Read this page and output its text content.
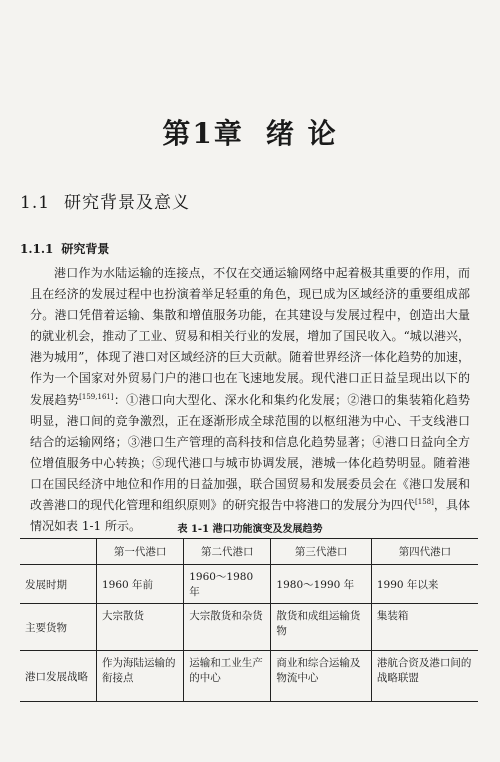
第1章 绪 论
1.1 研究背景及意义
1.1.1 研究背景

港口作为水陆运输的连接点，不仅在交通运输网络中起着极其重要的作用，而且在经济的发展过程中也扮演着举足轻重的角色，现已成为区域经济的重要组成部分。港口凭借着运输、集散和增值服务功能，在其建设与发展过程中，创造出大量的就业机会，推动了工业、贸易和相关行业的发展，增加了国民收入。“城以港兴，港为城用”，体现了港口对区域经济的巨大贡献。随着世界经济一体化趋势的加速，作为一个国家对外贸易门户的港口也在飞速地发展。现代港口正日益呈现出以下的发展趋势[159,161]：①港口向大型化、深水化和集约化发展；②港口的集装箱化趋势明显，港口间的竞争激烈，正在逐渐形成全球范围的以枢纽港为中心、干支线港口结合的运输网络；③港口生产管理的高科技和信息化趋势显著；④港口日益向全方位增值服务中心转换；⑤现代港口与城市协调发展，港城一体化趋势明显。随着港口在国民经济中地位和作用的日益加强，联合国贸易和发展委员会在《港口发展和改善港口的现代化管理和组织原则》的研究报告中将港口的发展分为四代[158]，具体情况如表 1-1 所示。	表 1-1 港口功能演变及发展趋势
	第一代港口	第二代港口	第三代港口	第四代港口
发展时期	1960 年前	1960～1980 年	1980～1990 年	1990 年以来
主要货物	大宗散货	大宗散货和杂货	散货和成组运输货物	集装箱
港口发展战略	作为海陆运输的衔接点	运输和工业生产的中心	商业和综合运输及物流中心	港航合资及港口间的战略联盟
